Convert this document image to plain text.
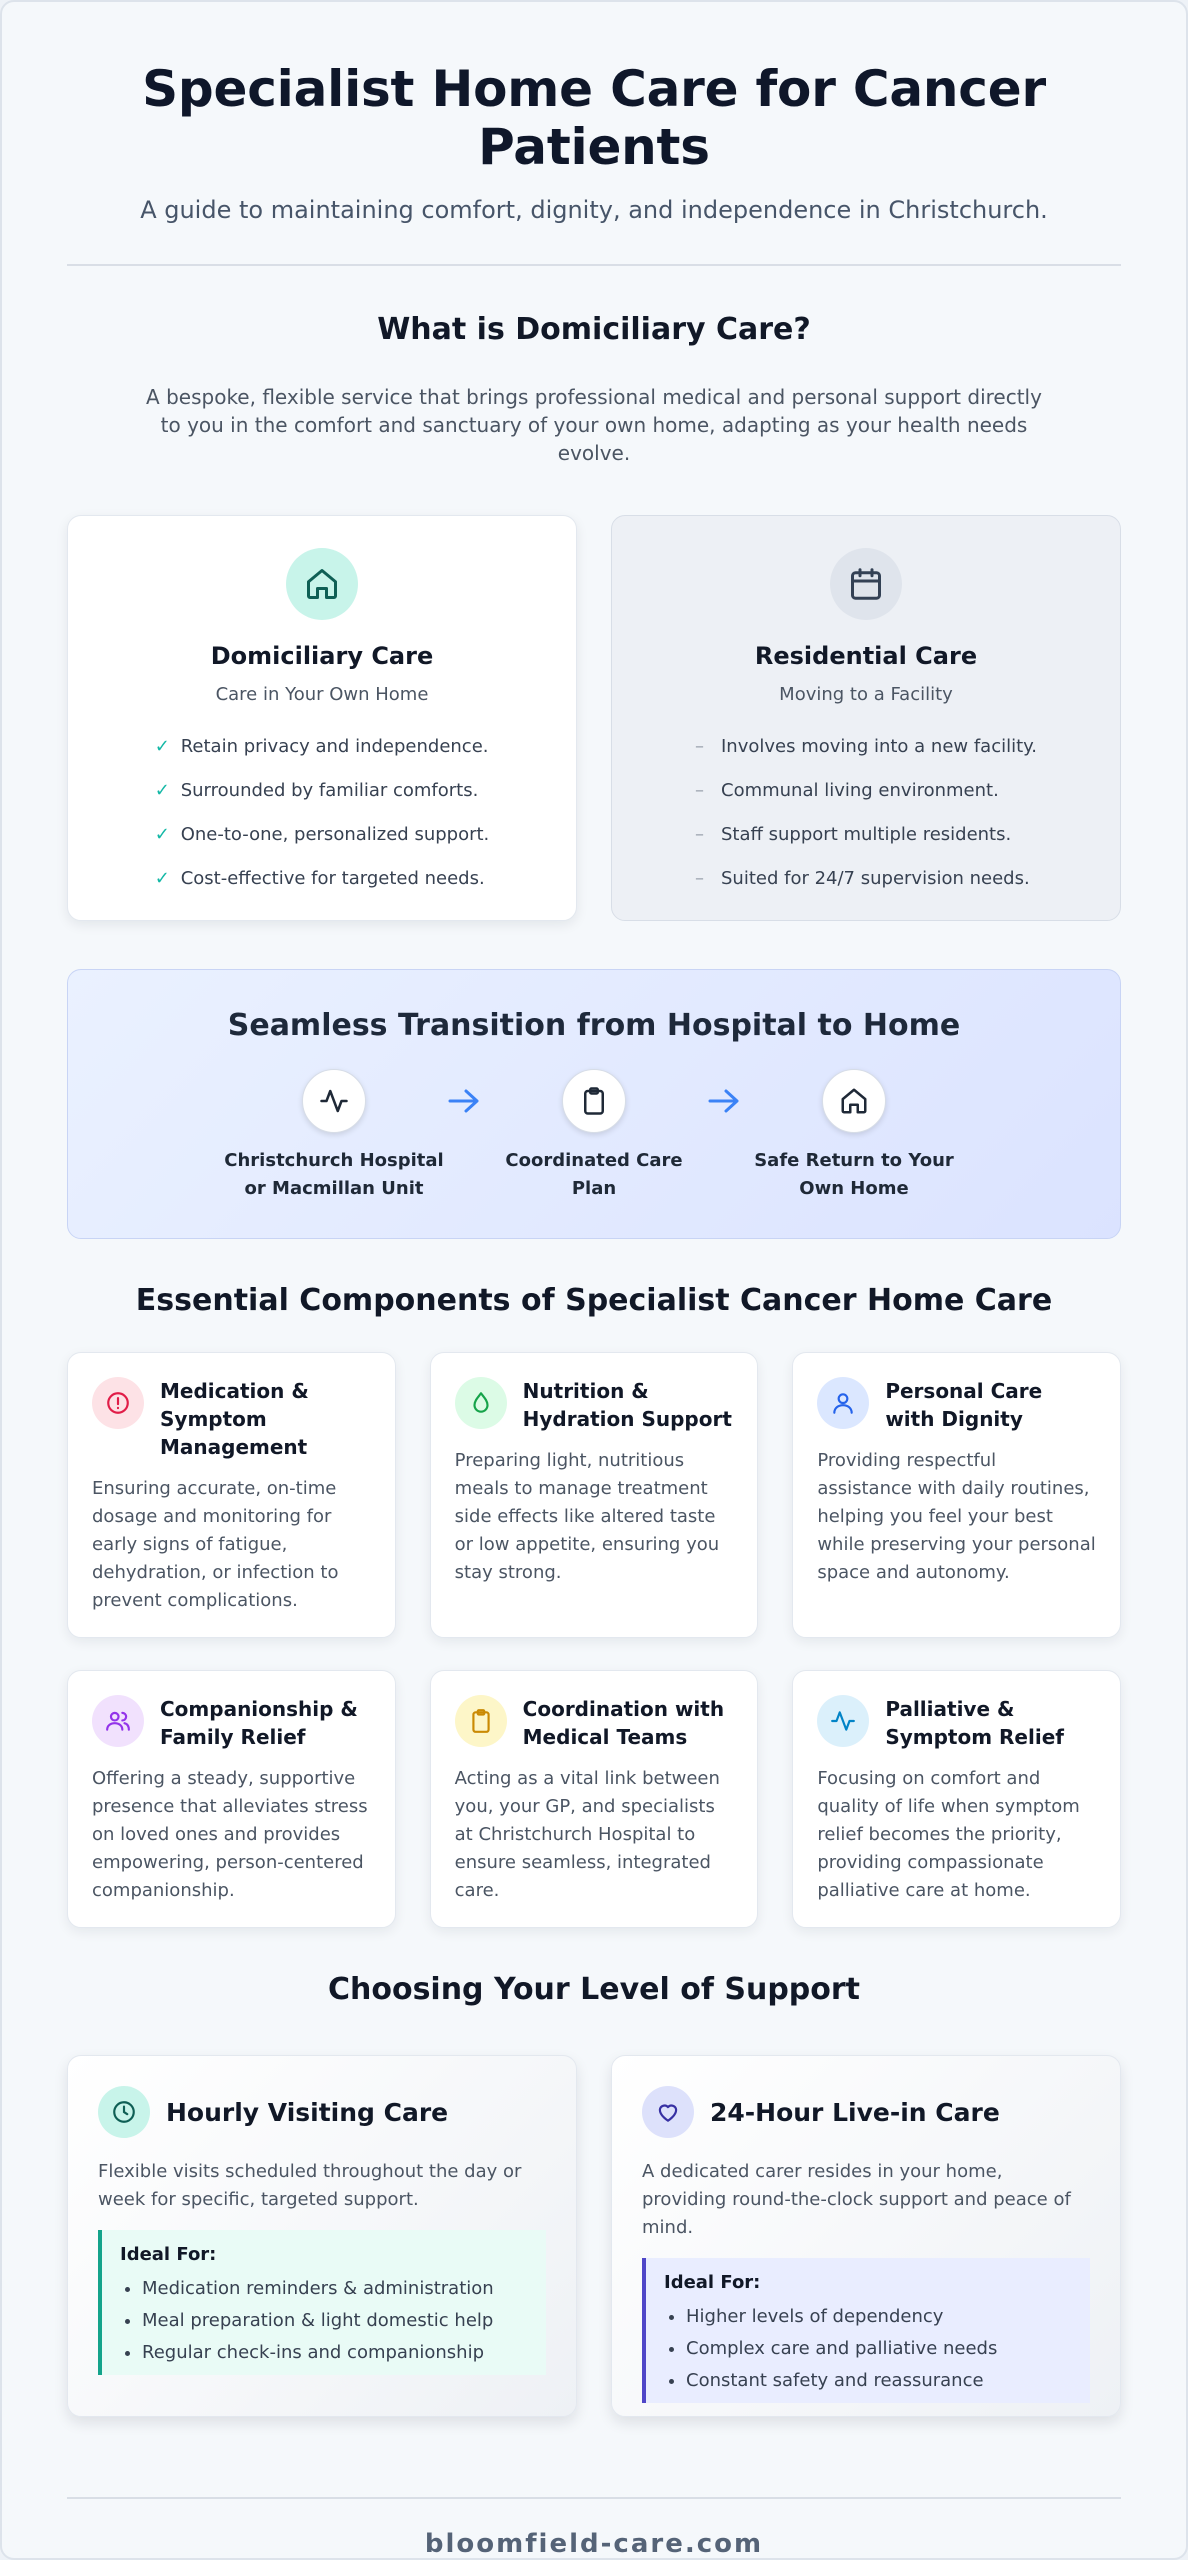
Specialist Home Care for Cancer Patients

A guide to maintaining comfort, dignity, and independence in Christchurch.

What is Domiciliary Care?

A bespoke, flexible service that brings professional medical and personal support directly to you in the comfort and sanctuary of your own home, adapting as your health needs evolve.

Domiciliary Care

Care in Your Own Home

✓ Retain privacy and independence.
✓ Surrounded by familiar comforts.
✓ One-to-one, personalized support.
✓ Cost-effective for targeted needs.
Residential Care

Moving to a Facility

– Involves moving into a new facility.
– Communal living environment.
– Staff support multiple residents.
– Suited for 24/7 supervision needs.
Seamless Transition from Hospital to Home

Christchurch Hospital or Macmillan Unit

Coordinated Care Plan

Safe Return to Your Own Home

Essential Components of Specialist Cancer Home Care
Medication & Symptom Management

Ensuring accurate, on-time dosage and monitoring for early signs of fatigue, dehydration, or infection to prevent complications.

Nutrition & Hydration Support

Preparing light, nutritious meals to manage treatment side effects like altered taste or low appetite, ensuring you stay strong.

Personal Care with Dignity

Providing respectful assistance with daily routines, helping you feel your best while preserving your personal space and autonomy.

Companionship & Family Relief

Offering a steady, supportive presence that alleviates stress on loved ones and provides empowering, person-centered companionship.

Coordination with Medical Teams

Acting as a vital link between you, your GP, and specialists at Christchurch Hospital to ensure seamless, integrated care.

Palliative & Symptom Relief

Focusing on comfort and quality of life when symptom relief becomes the priority, providing compassionate palliative care at home.

Choosing Your Level of Support
Hourly Visiting Care

Flexible visits scheduled throughout the day or week for specific, targeted support.

Ideal For:

• Medication reminders & administration
• Meal preparation & light domestic help
• Regular check-ins and companionship
24-Hour Live-in Care

A dedicated carer resides in your home, providing round-the-clock support and peace of mind.

Ideal For:

• Higher levels of dependency
• Complex care and palliative needs
• Constant safety and reassurance

bloomfield-care.com
